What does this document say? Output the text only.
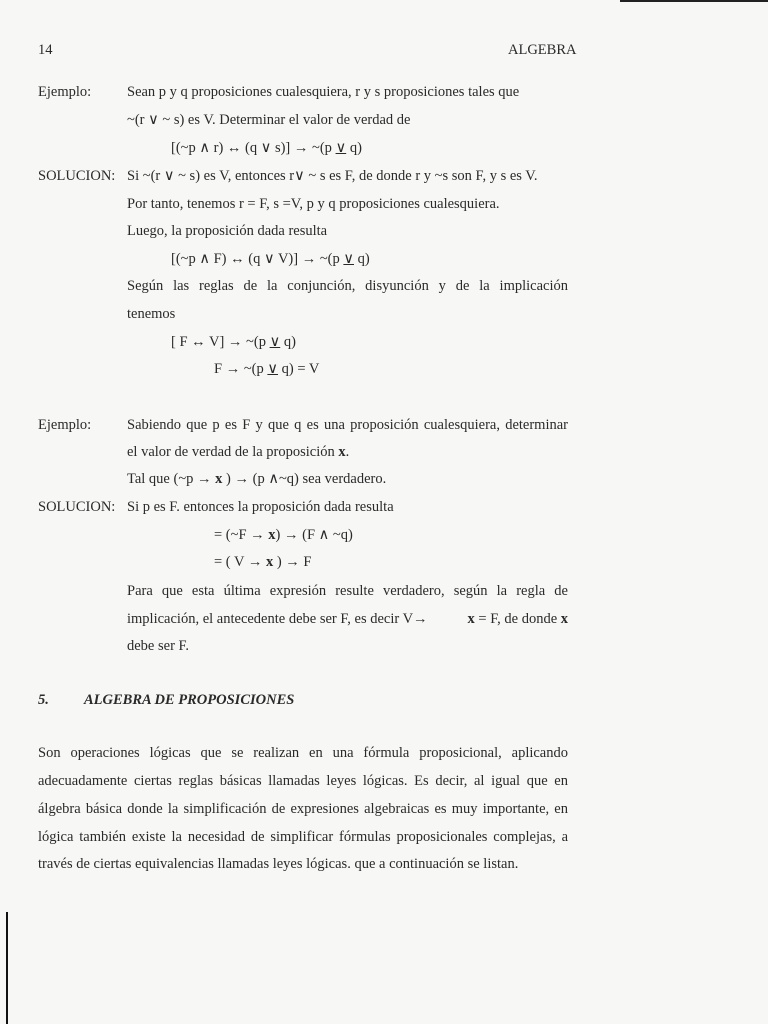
14	ALGEBRA
Ejemplo: Sean p y q proposiciones cualesquiera, r y s proposiciones tales que
~(r ∨ ~ s) es V. Determinar el valor de verdad de
[(~p ∧ r) ↔ (q ∨ s)] → ~(p ∨ q)
SOLUCION: Si ~(r ∨ ~ s) es V, entonces r∨ ~ s es F, de donde r y ~s son F, y s es V.
Por tanto, tenemos r = F, s =V, p y q proposiciones cualesquiera.
Luego, la proposición dada resulta
[(~p ∧ F) ↔ (q ∨ V)] → ~(p ∨ q)
Según las reglas de la conjunción, disyunción y de la implicación
tenemos
[ F ↔ V] → ~(p ∨ q)
F → ~(p ∨ q) = V
Ejemplo: Sabiendo que p es F y que q es una proposición cualesquiera, determinar
el valor de verdad de la proposición x.
Tal que (~p → x ) → (p ∧~q) sea verdadero.
SOLUCION: Si p es F. entonces la proposición dada resulta
= (~F → x) → (F ∧ ~q)
= ( V → x ) → F
Para que esta última expresión resulte verdadero, según la regla de
implicación, el antecedente debe ser F, es decir V→	x = F, de donde x
debe ser F.
5. ALGEBRA DE PROPOSICIONES
Son operaciones lógicas que se realizan en una fórmula proposicional, aplicando
adecuadamente ciertas reglas básicas llamadas leyes lógicas. Es decir, al igual que en
álgebra básica donde la simplificación de expresiones algebraicas es muy importante, en
lógica también existe la necesidad de simplificar fórmulas proposicionales complejas, a
través de ciertas equivalencias llamadas leyes lógicas. que a continuación se listan.
